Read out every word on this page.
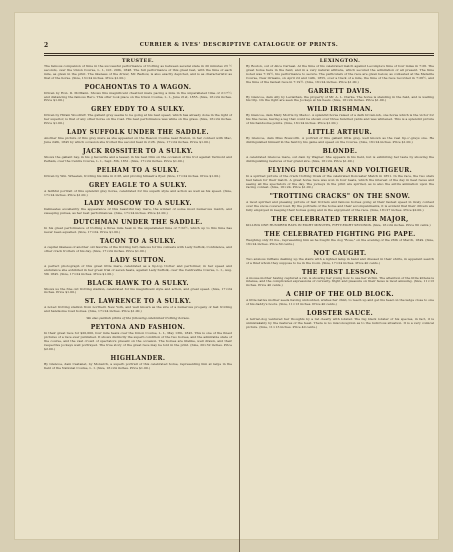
2	CURRIER & IVES' DESCRIPTIVE CATALOGUE OF PRINTS.
TRUSTEE.

The famous companion of time in the successful performance of trotting as between several state in 20 minutes 23 ½ seconds, over the Union Course, L. I., Oct. 20th, 1848. The full performance of this great feat, with the time of each mile, as given in the print. The likeness of the driver, Mr. Bedlow, is also exactly depicted, and is as characteristic as that of the horse. (Size, 13×24 inches. Price $1.00.)

POCAHONTAS TO A WAGON.

Driven by Hon. D. McMann. Shows this magnificent chestnut mare pacing a mile in the unparalleled time of 2:17½; and distancing the famous Hero. This offer took place on the Union Course, L. I., June 21st, 1855. (Size, 16×24 inches. Price $1.00.)

GREY EDDY TO A SULKY.

Driven by Hiram Woodruff. The gallant grey seems to be going at his best speed, which has already done in the light of her superior, is that of any other horse on the road. His best performance was while on the grass. (Size, 16×24 inches. Price $1.00.)

LADY SUFFOLK UNDER THE SADDLE.

Another fine picture of this grey mare as she appeared on the Beacon Course near Boston, in her contest with Mac, June 24th, 1845 by which occasion she trotted the second heat in 2:26. (Size, 17×24 inches. Price $1.00.)

JACK ROSSITER TO A SULKY.

Shows the gallant bay, in his g favourite and a teaser, in his best trim on the occasion of his trot against Vermont and Pelham, over the Centre Course, L. I., Sept. 8th, 1851. (Size, 17×24 inches. Price $1.00.)

PELHAM TO A SULKY.

Driven by Wm. Wheelan, trotting his mile in 2:28, and proving himself a flyer. (Size, 17×24 inches. Price $1.00.)

GREY EAGLE TO A SULKY.

A faithful portrait of this splendid grey horse, celebrated for his superb style and action as well as his speed. (Size, 17×24 inches. Price $1.00.)

LADY MOSCOW TO A SULKY.

Delineates excellently the appearance of this beautiful bay mare, the winner of some most numerous match, and sweeping purses, as her best performances. (Size, 17×24 inches. Price $1.00.)

DUTCHMAN UNDER THE SADDLE.

In his great performance of trotting a three mile heat in the unparalleled time of 7:32½, which up to this time has never been equalled. (Size, 17×24. Price $1.00.)

TACON TO A SULKY.

A capital likeness of another old favorite of the trotting turf, famous for his contests with Lady Suffolk, Confidence, and other crack trotters of his day. (Size, 17×24 inches. Price $1.00.)

LADY SUTTON.

A perfect photograph of this great little mare, celebrated as a tip-top trotter and performer, in her speed and endurance she exhibited in her great trial of seven heats, against Lady Suffolk, over the Centreville Course, L. I., Aug. 5th 1845. (Size, 17×24 inches. Price $1.00.)

BLACK HAWK TO A SULKY.

Shows us the fine old trotting stallion, celebrated for his magnificent style and action, and great speed. (Size, 17×24 inches. Price $1.00.)

ST. LAWRENCE TO A SULKY.

A noted trotting stallion from northern New York, and well known as the sire of a numerous progeny of fast trotting and handsome road horses. (Size, 17×24 inches. Price $1.00.)

We also publish prints of the following celebrated trotting horses.
PEYTONA AND FASHION.

In their great race for $20,000, four mile heats over the Union Course, L. I., May 13th, 1845. This is one of the finest pictures of a race ever published. It shows distinctly the superb condition of the two horses, and the admirable state of the course, and the vast crowd of spectators present on the occasion. The horses are lifelike, well drawn, and their respective jockeys well portrayed. The true story of the great race may be told in the print. (Size, 20×32 inches. Price $2.00.)

HIGHLANDER.

By Glencoe, dam Castanet, by Monarch, a superb portrait of this celebrated horse, representing him at large in the field of the National Course, L. I. (Size, 16×24 inches. Price $1.00.)

LEXINGTON.

By Boston, out of Alice Carneal. At the time of his celebrated match against Lecompte's time of four miles in 7:26. The great horse here in the field, and in a very natural attitude, which secured the admiration of all present. The time noted was 7:19¾, his performance to secure. The particulars of the race are given below, as contested at the Metairie Course, New Orleans, on April 2d and 14th, 1855, over a track of a mile, the time of the race recorded in 7:26¾, and the time of the fastest race in 7:19¾. (Size, 16×24 inches. Price $1.00.)

GARRETT DAVIS.

By Glencoe, dam Ally by Leviathan, the property of Mr. A. L. Clarke. The horse is standing in the field, and is waiting his trip. On the right are seen the Jockeys at his heels. (Size, 16×24 inches. Price $1.00.)

WILD IRISHMAN.

By Glencoe, dam Mary Morris by Medoc. A splendid horse raised of a dark brown-ish, one horse which is the victor for his fine races, having a leg that could be shown over three hundred yards and was whitened. This is a splendid picture of his handsome points. (Size, 16×24 inches. Price $1.00.)

LITTLE ARTHUR.

By Glencoe, dam Miss Bosworth. A portrait of this gallant little grey, well known as the real tip-o'-greys one. He distinguished himself in the field by his game and speed on the Course. (Size, 16×24 inches. Price $1.00.)

BLONDE.

A celebrated Glencoe mare, out dam by Wagner. She appears in his field, but is exhibiting her taste by showing the distinguishing features of her grand sire. (Size, 16×24. Price $1.00.)

FLYING DUTCHMAN AND VOLTIGEUR.

In a spirited picture of the crack trotting rivals of the celebrated Doncaster Match in 1851. In the race, the two stars had taken for their match. A great horse race was won in four beats, which the interest of the day in heat races and seeing all the spectators of the day. The jockeys in the print are spirited, as is also the entire animation upon the racing contest. (Size, 16×24. Price $1.00.)

"TROTTING CRACKS" ON THE SNOW.

A most spirited and pleasing picture of fast trotters and famous horses going at their fastest speed in lively contest over the snow-covered road. By the portraits of the horse and their accompaniments, it is evident that their drivers are fully employed in keeping their horses going and in the enjoyment of the race. (Size, 18×27 inches. Price $2.00.)

THE CELEBRATED TERRIER MAJOR,

KILLING ONE HUNDRED RATS IN EIGHT MINUTES, FIFTY-EIGHT SECONDS. (Size, 16×24 inches. Price 60 cents.)

THE CELEBRATED FIGHTING PIG PAPE.

Weighing only 35 lbs., representing him as he fought the dog "Rose," on the evening of the 26th of March, 1849. (Size, 16×24 inches. Price 60 cents.)

NOT CAUGHT.

Two anxious ruffians dashing up the stairs with a lighted lamp in hand and dressed in their shirts, in apparent search of a thief whom they suppose to be in the room. (Size, 17×24 inches. Price 40 cents.)

THE FIRST LESSON.

A mouse mother having captured a rat, is showing her young how to use her victim. The attention of the little kittens is intense, and the complicated expressions of curiosity, fright and pleasure on their faces is most amusing. (Size, 11×13 inches. Price 40 cents.)

A CHIP OF THE OLD BLOCK.

A little native mother seeds having undoubted, wishes her child, to reach up and get his head on the ledge close to one of his daddy's boots. (Size, 11×13 inches. Price 40 cents.)

LOBSTER SAUCE.

A terrier-dog ventured her thoughts by a rat clearly with lobster. The big black lobster of his species, in fact, it is unmistakably by the features of the feast. There is no misconception as to the ludicrous situation. It is a very comical picture. (Size, 11×13 inches. Price 40 cents.)
